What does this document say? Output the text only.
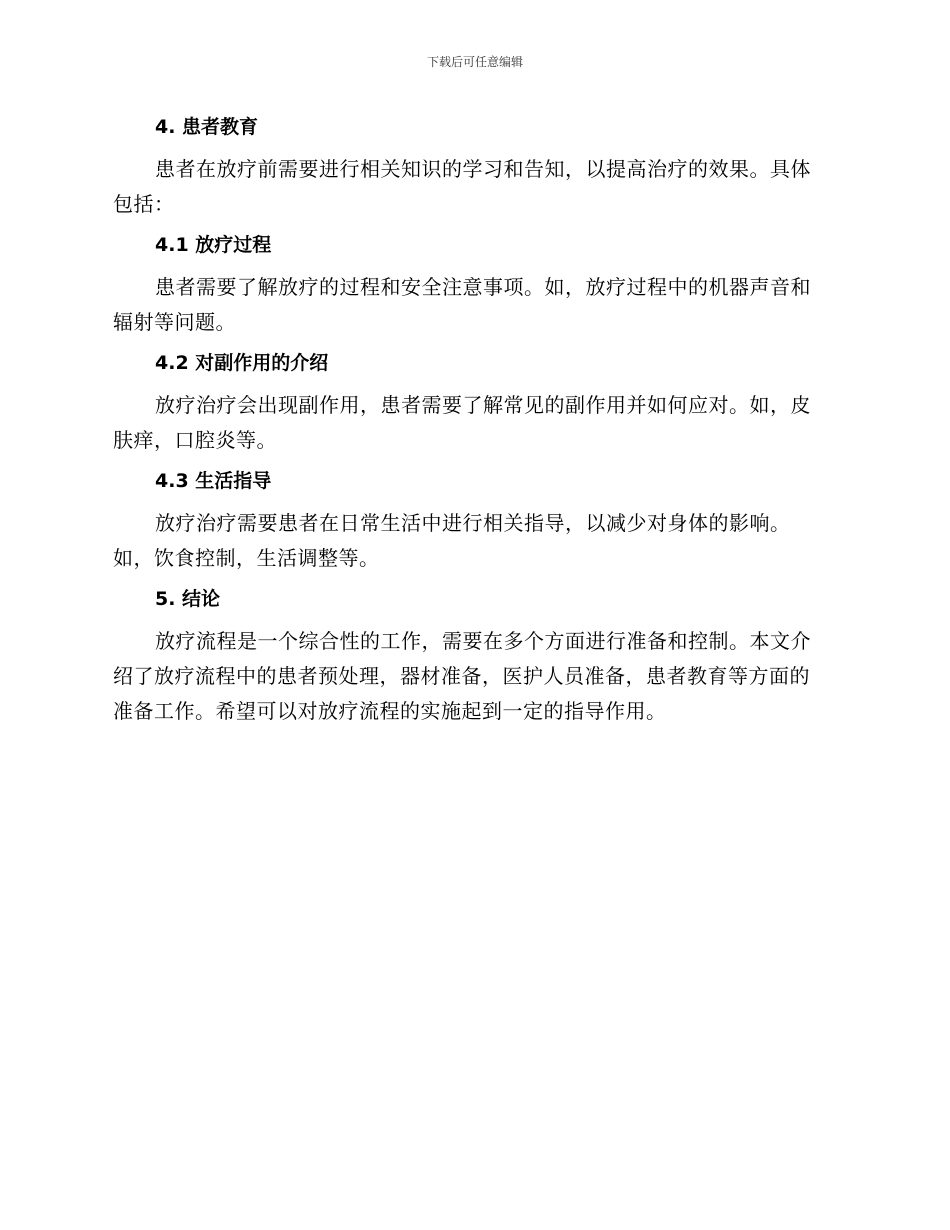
下载后可任意编辑
4. 患者教育

患者在放疗前需要进行相关知识的学习和告知，以提高治疗的效果。具体包括：

4.1 放疗过程

患者需要了解放疗的过程和安全注意事项。如，放疗过程中的机器声音和辐射等问题。

4.2 对副作用的介绍

放疗治疗会出现副作用，患者需要了解常见的副作用并如何应对。如，皮肤痒，口腔炎等。

4.3 生活指导

放疗治疗需要患者在日常生活中进行相关指导，以减少对身体的影响。如，饮食控制，生活调整等。

5. 结论

放疗流程是一个综合性的工作，需要在多个方面进行准备和控制。本文介绍了放疗流程中的患者预处理，器材准备，医护人员准备，患者教育等方面的准备工作。希望可以对放疗流程的实施起到一定的指导作用。
